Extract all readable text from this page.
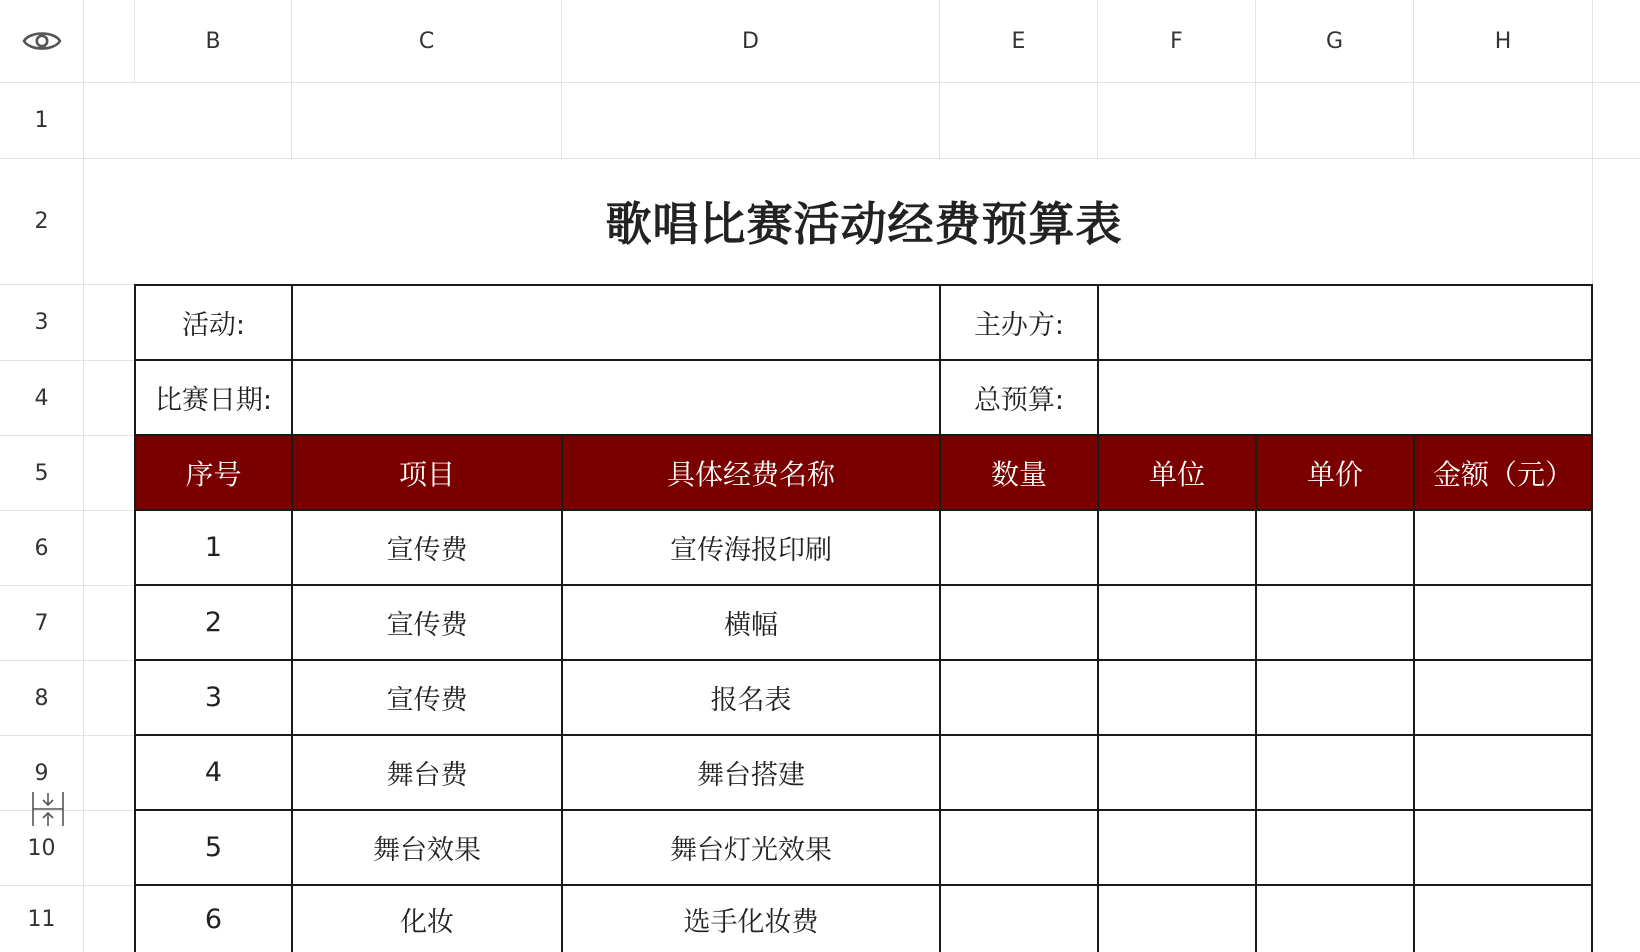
B	C	D	E	F	G	H
1
2
3
4
5
6
7
8
9
10
11
歌唱比赛活动经费预算表
活动:	主办方:
比赛日期:	总预算:
序号	项目	具体经费名称	数量	单位	单价	金额（元）
1	宣传费	宣传海报印刷
2	宣传费	横幅
3	宣传费	报名表
4	舞台费	舞台搭建
5	舞台效果	舞台灯光效果
6	化妆	选手化妆费
